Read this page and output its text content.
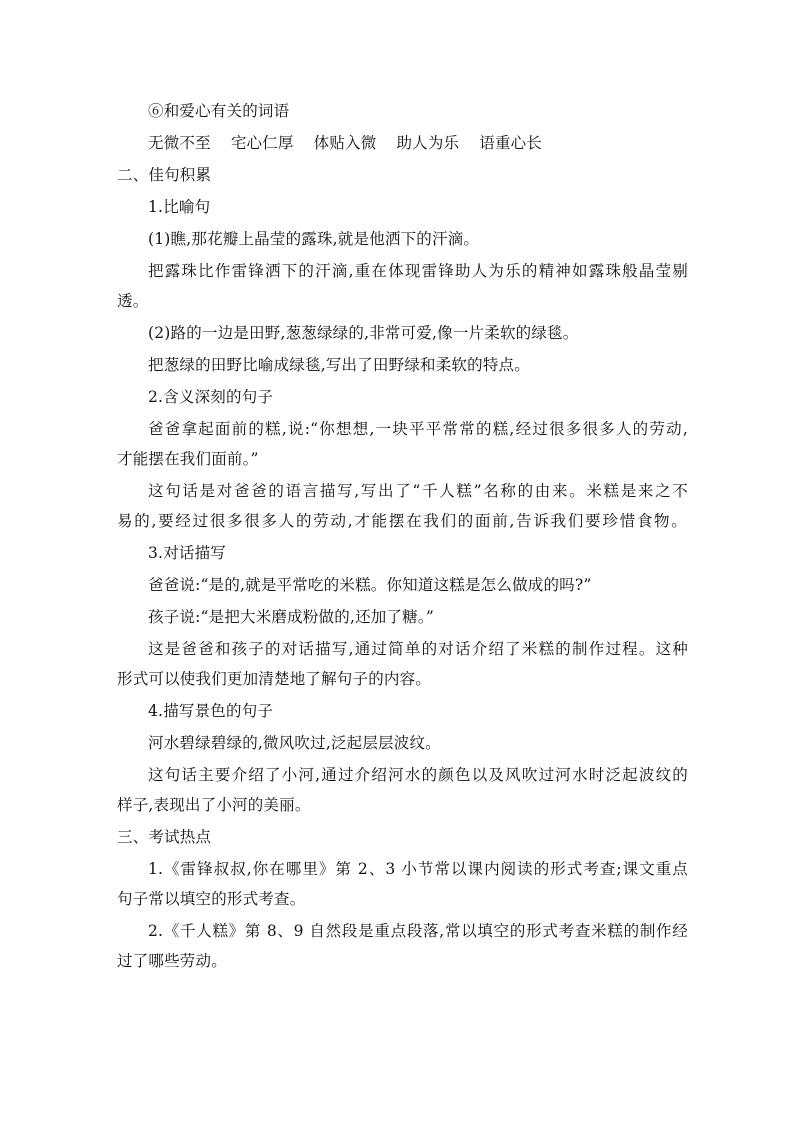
⑥和爱心有关的词语
无微不至 宅心仁厚 体贴入微 助人为乐 语重心长
二、佳句积累
1.比喻句
(1)瞧,那花瓣上晶莹的露珠,就是他洒下的汗滴。
把露珠比作雷锋洒下的汗滴,重在体现雷锋助人为乐的精神如露珠般晶莹剔
透。
(2)路的一边是田野,葱葱绿绿的,非常可爱,像一片柔软的绿毯。
把葱绿的田野比喻成绿毯,写出了田野绿和柔软的特点。
2.含义深刻的句子
爸爸拿起面前的糕,说:“你想想,一块平平常常的糕,经过很多很多人的劳动,
才能摆在我们面前。”
这句话是对爸爸的语言描写,写出了“千人糕”名称的由来。米糕是来之不
易的,要经过很多很多人的劳动,才能摆在我们的面前,告诉我们要珍惜食物。
3.对话描写
爸爸说:“是的,就是平常吃的米糕。你知道这糕是怎么做成的吗?”
孩子说:“是把大米磨成粉做的,还加了糖。”
这是爸爸和孩子的对话描写,通过简单的对话介绍了米糕的制作过程。这种
形式可以使我们更加清楚地了解句子的内容。
4.描写景色的句子
河水碧绿碧绿的,微风吹过,泛起层层波纹。
这句话主要介绍了小河,通过介绍河水的颜色以及风吹过河水时泛起波纹的
样子,表现出了小河的美丽。
三、考试热点
1.《雷锋叔叔,你在哪里》第 2、3 小节常以课内阅读的形式考查;课文重点
句子常以填空的形式考查。
2.《千人糕》第 8、9 自然段是重点段落,常以填空的形式考查米糕的制作经
过了哪些劳动。
